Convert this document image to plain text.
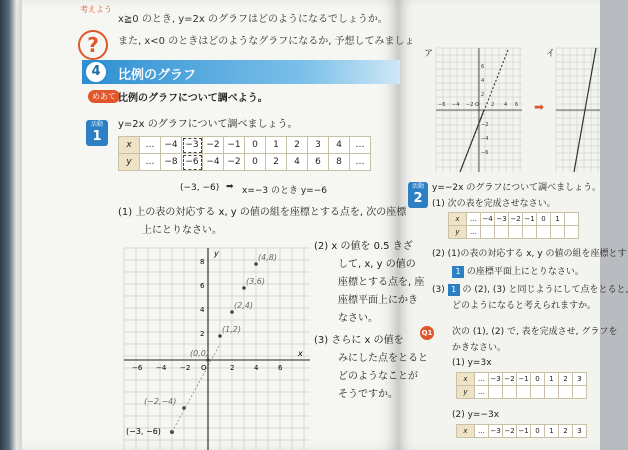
考えよう
?
x≧0 のとき, y=2x のグラフはどのようになるでしょうか。
また, x<0 のときはどのようなグラフになるか, 予想してみましょ
4	比例のグラフ
めあて 比例のグラフについて調べよう。
活動
1
y=2x のグラフについて調べましょう。
x	…	−4	−3	−2	−1	0	1	2	3	4	…
y	…	−8	−6	−4	−2	0	2	4	6	8	…
(−3, −6) ➡ x=−3 のとき y=−6
(1) 上の表の対応する x, y の値の組を座標とする点を, 次の座標
上にとりなさい。
y
x
8
6
4
2
−6 −4 −2 O	2	4	6
(4,8)
(3,6)
(2,4)
(1,2)
(0,0)
(−2,−4)
(−3, −6)
(2) x の値を 0.5 きざ
して, x, y の値の
座標とする点を, 座
座標平面上にかき
なさい。
(3) さらに x の値を
みにした点をとると
どのようなことが
そうですか。
ア
6
4
2
−2
−4
−6
−6 −4 −2 O 2 4 6 ➡
イ
活動
2
y=−2x のグラフについて調べましょう。
(1) 次の表を完成させなさい。
x	…	−4	−3	−2	−1	0	1	
y	…							
(2) (1)の表の対応する x, y の値の組を座標とす
1 の座標平面上にとりなさい。
(3) 1 の (2), (3) と同じようにして点をとると,
どのようになると考えられますか。
Q1 次の (1), (2) で, 表を完成させ, グラフを
かきなさい。
(1) y=3x
x	…	−3	−2	−1	0	1	2	3
y	…							
(2) y=−3x
x	…	−3	−2	−1	0	1	2	3
